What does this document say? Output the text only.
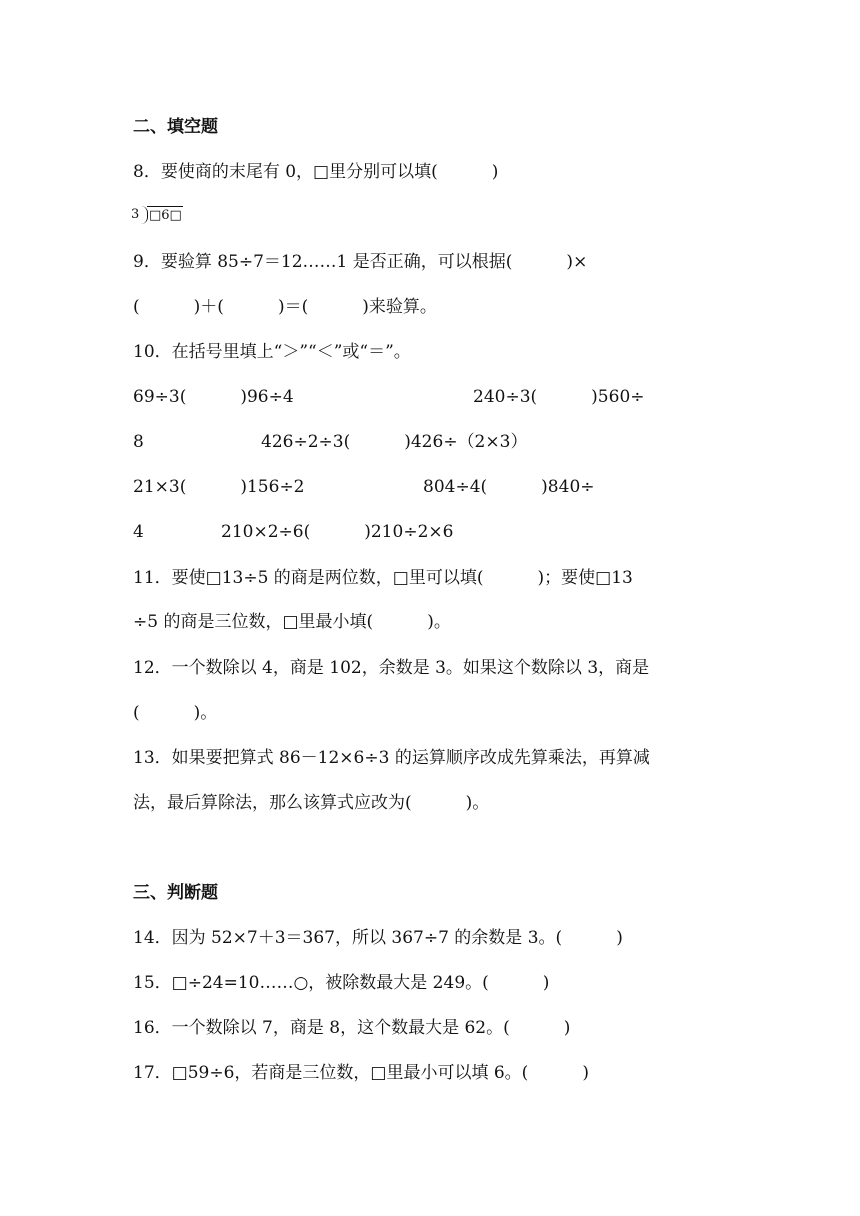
二、填空题
8．要使商的末尾有 0，□里分别可以填(          )

3

□6□

9．要验算 85÷7＝12……1 是否正确，可以根据(          )×
(          )＋(          )＝(          )来验算。
10．在括号里填上“＞”“＜”或“＝”。
69÷3(          )96÷4	240÷3(          )560÷
8	426÷2÷3(          )426÷（2×3）
21×3(          )156÷2	804÷4(          )840÷
4	210×2÷6(          )210÷2×6
11．要使□13÷5 的商是两位数，□里可以填(          )；要使□13
÷5 的商是三位数，□里最小填(          )。
12．一个数除以 4，商是 102，余数是 3。如果这个数除以 3，商是
(          )。
13．如果要把算式 86－12×6÷3 的运算顺序改成先算乘法，再算减
法，最后算除法，那么该算式应改为(          )。
三、判断题
14．因为 52×7＋3＝367，所以 367÷7 的余数是 3。(          )
15．□÷24=10……○，被除数最大是 249。(          )
16．一个数除以 7，商是 8，这个数最大是 62。(          )
17．□59÷6，若商是三位数，□里最小可以填 6。(          )
